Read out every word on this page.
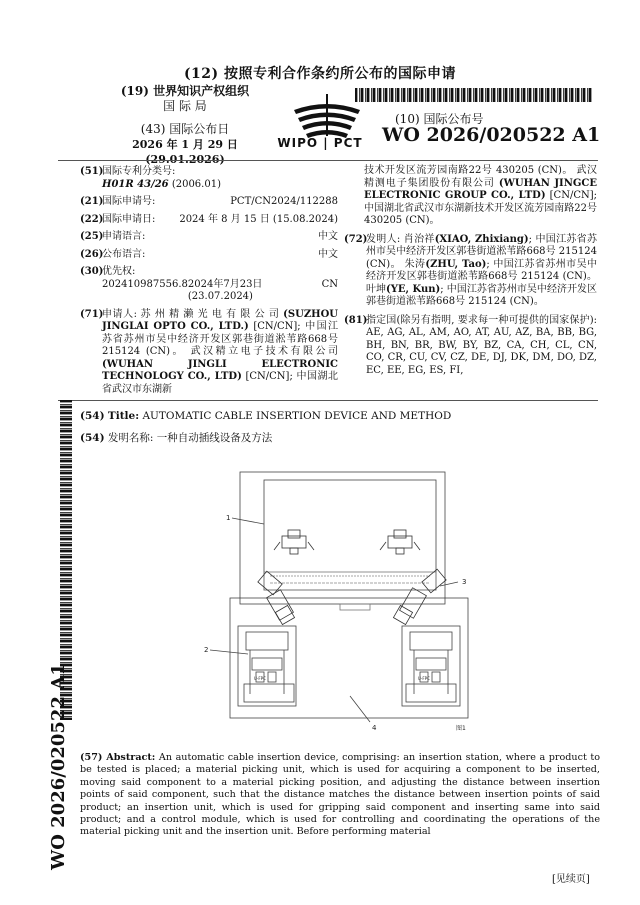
(12) 按照专利合作条约所公布的国际申请
(19) 世界知识产权组织
国 际 局
(43) 国际公布日
2026 年 1 月 29 日 (29.01.2026)
WIPO | PCT
(10) 国际公布号
WO 2026/020522 A1
(51)
国际专利分类号:
H01R 43/26 (2006.01)
(21)
国际申请号:	PCT/CN2024/112288
(22)
国际申请日: 2024 年 8 月 15 日 (15.08.2024)
(25)
申请语言:	中文
(26)
公布语言:	中文
(30)
优先权:
202410987556.8 2024年7月23日 (23.07.2024)
CN
(71)
申请人: 苏 州 精 濑 光 电 有 限 公 司 (SUZHOU JINGLAI OPTO CO., LTD.) [CN/CN]; 中国江苏省苏州市吴中经济开发区郭巷街道淞苇路668号 215124 (CN)。 武汉精立电子技术有限公司(WUHAN JINGLI ELECTRONIC TECHNOLOGY CO., LTD) [CN/CN]; 中国湖北省武汉市东湖新
技术开发区流芳园南路22号 430205 (CN)。 武汉精测电子集团股份有限公司 (WUHAN JINGCE ELECTRONIC GROUP CO., LTD) [CN/CN]; 中国湖北省武汉市东湖新技术开发区流芳园南路22号 430205 (CN)。
(72)
发明人: 肖治祥(XIAO, Zhixiang); 中国江苏省苏州市吴中经济开发区郭巷街道淞苇路668号 215124 (CN)。 朱涛(ZHU, Tao); 中国江苏省苏州市吴中经济开发区郭巷街道淞苇路668号 215124 (CN)。 叶坤(YE, Kun); 中国江苏省苏州市吴中经济开发区郭巷街道淞苇路668号 215124 (CN)。
(81)
指定国(除另有指明, 要求每一种可提供的国家保护): AE, AG, AL, AM, AO, AT, AU, AZ, BA, BB, BG, BH, BN, BR, BW, BY, BZ, CA, CH, CL, CN, CO, CR, CU, CV, CZ, DE, DJ, DK, DM, DO, DZ, EC, EE, EG, ES, FI,
WO 2026/020522 A1
(54) Title: AUTOMATIC CABLE INSERTION DEVICE AND METHOD
(54) 发明名称: 一种自动插线设备及方法
1
2
3
4
U-FPC	U-FPC
图1
(57) Abstract: An automatic cable insertion device, comprising: an insertion station, where a product to be tested is placed; a material picking unit, which is used for acquiring a component to be inserted, moving said component to a material picking position, and adjusting the distance between insertion points of said component, such that the distance matches the distance between insertion points of said product; an insertion unit, which is used for gripping said component and inserting same into said product; and a control module, which is used for controlling and coordinating the operations of the material picking unit and the insertion unit. Before performing material
[见续页]
